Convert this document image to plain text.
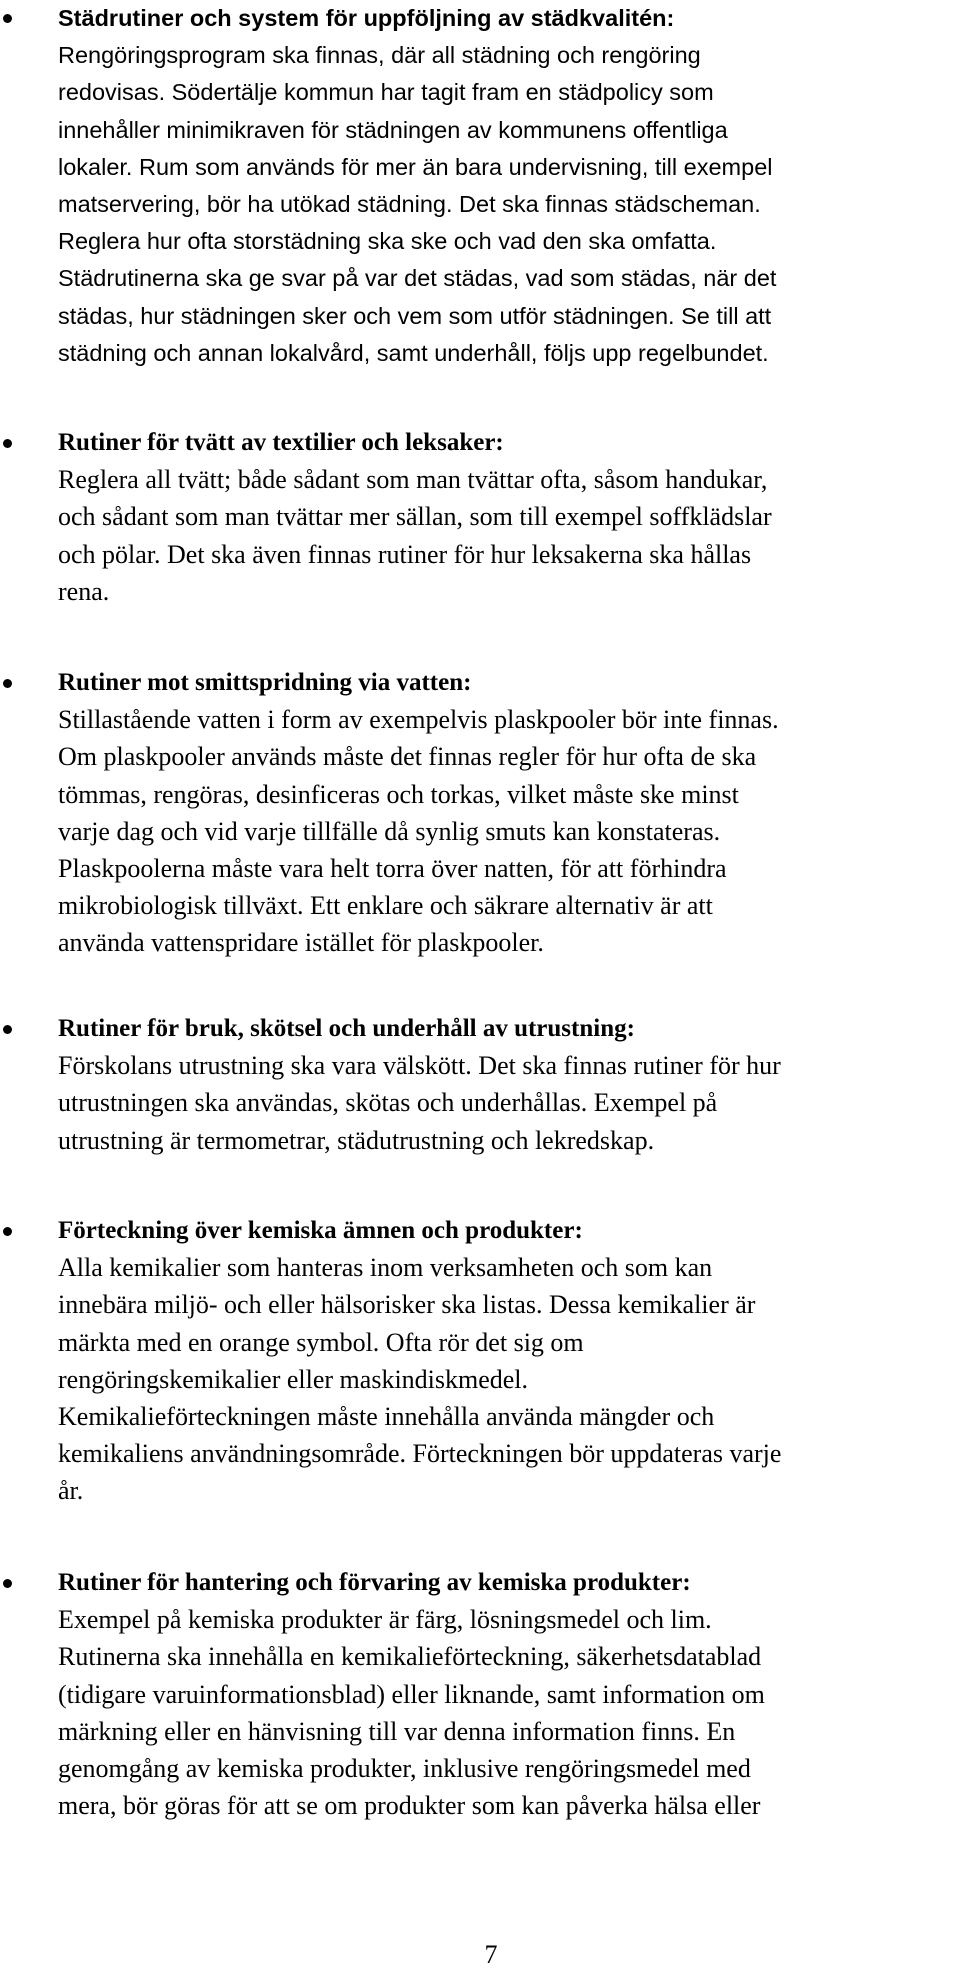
Städrutiner och system för uppföljning av städkvalitén:
Rengöringsprogram ska finnas, där all städning och rengöring
redovisas. Södertälje kommun har tagit fram en städpolicy som
innehåller minimikraven för städningen av kommunens offentliga
lokaler. Rum som används för mer än bara undervisning, till exempel
matservering, bör ha utökad städning. Det ska finnas städscheman.
Reglera hur ofta storstädning ska ske och vad den ska omfatta.
Städrutinerna ska ge svar på var det städas, vad som städas, när det
städas, hur städningen sker och vem som utför städningen. Se till att
städning och annan lokalvård, samt underhåll, följs upp regelbundet.
Rutiner för tvätt av textilier och leksaker:
Reglera all tvätt; både sådant som man tvättar ofta, såsom handukar,
och sådant som man tvättar mer sällan, som till exempel soffklädslar
och pölar. Det ska även finnas rutiner för hur leksakerna ska hållas
rena.
Rutiner mot smittspridning via vatten:
Stillastående vatten i form av exempelvis plaskpooler bör inte finnas.
Om plaskpooler används måste det finnas regler för hur ofta de ska
tömmas, rengöras, desinficeras och torkas, vilket måste ske minst
varje dag och vid varje tillfälle då synlig smuts kan konstateras.
Plaskpoolerna måste vara helt torra över natten, för att förhindra
mikrobiologisk tillväxt. Ett enklare och säkrare alternativ är att
använda vattenspridare istället för plaskpooler.
Rutiner för bruk, skötsel och underhåll av utrustning:
Förskolans utrustning ska vara välskött. Det ska finnas rutiner för hur
utrustningen ska användas, skötas och underhållas. Exempel på
utrustning är termometrar, städutrustning och lekredskap.
Förteckning över kemiska ämnen och produkter:
Alla kemikalier som hanteras inom verksamheten och som kan
innebära miljö- och eller hälsorisker ska listas. Dessa kemikalier är
märkta med en orange symbol. Ofta rör det sig om
rengöringskemikalier eller maskindiskmedel.
Kemikalieförteckningen måste innehålla använda mängder och
kemikaliens användningsområde. Förteckningen bör uppdateras varje
år.
Rutiner för hantering och förvaring av kemiska produkter:
Exempel på kemiska produkter är färg, lösningsmedel och lim.
Rutinerna ska innehålla en kemikalieförteckning, säkerhetsdatablad
(tidigare varuinformationsblad) eller liknande, samt information om
märkning eller en hänvisning till var denna information finns. En
genomgång av kemiska produkter, inklusive rengöringsmedel med
mera, bör göras för att se om produkter som kan påverka hälsa eller
7
